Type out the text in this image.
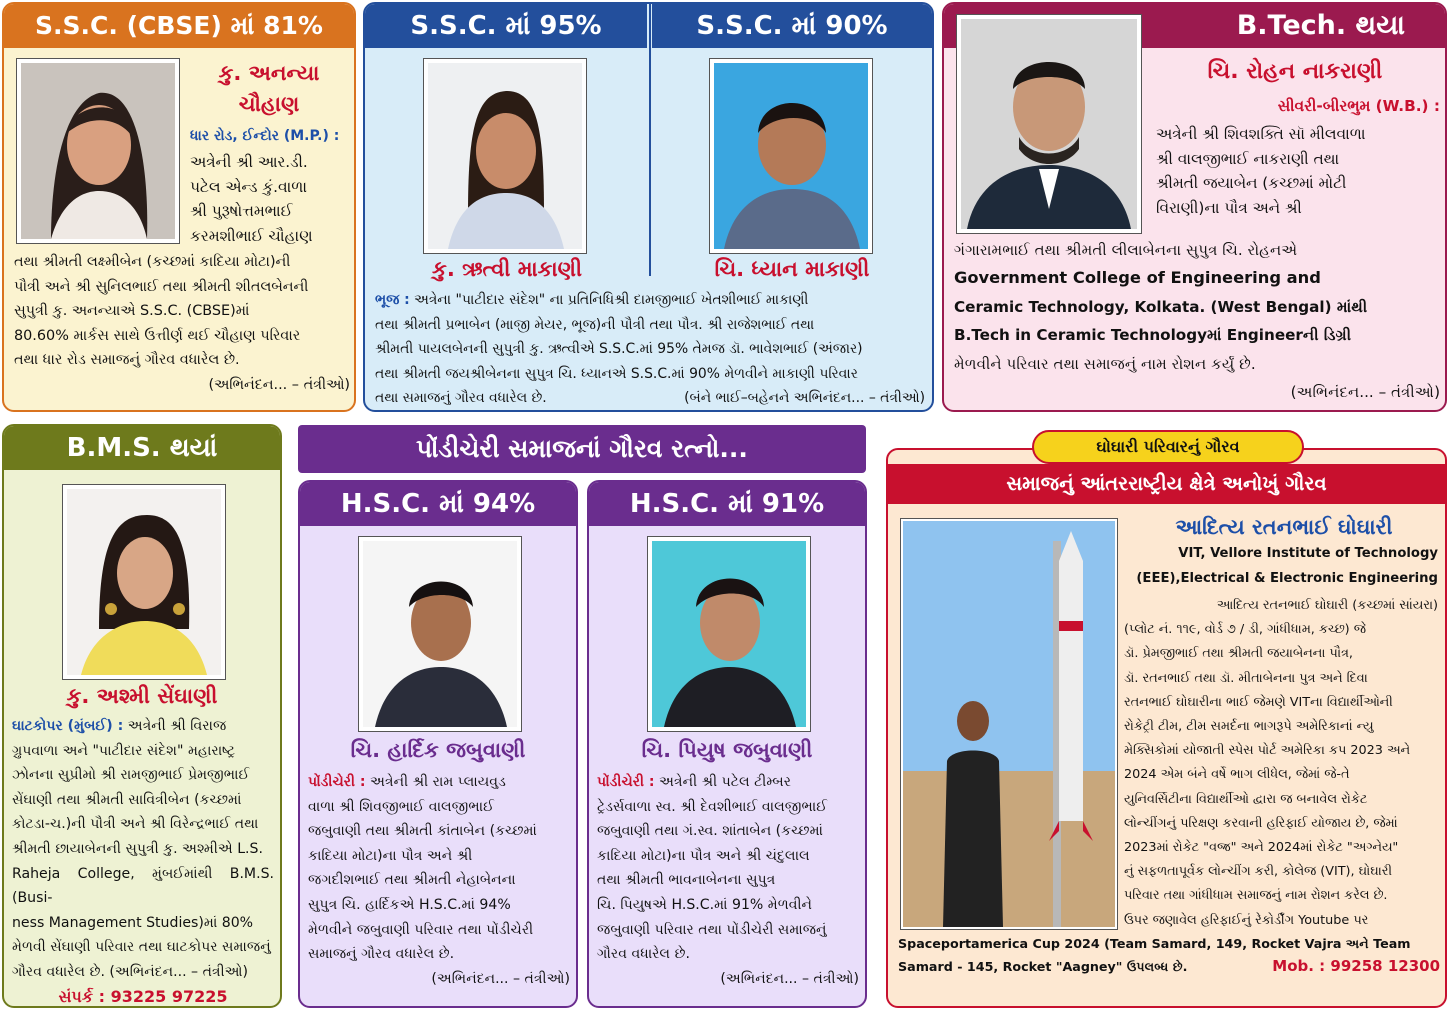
S.S.C. (CBSE) માં 81%
કુ. અનન્યા
ચૌહાણ
ધાર રોડ, ઈન્દોર (M.P.) :

અત્રેની શ્રી આર.ડી.

પટેલ એન્ડ કું.વાળા

શ્રી પુરૂષોત્તમભાઈ

કરમશીભાઈ ચૌહાણ

તથા શ્રીમતી લક્ષ્મીબેન (કચ્છમાં કાદિયા મોટા)ની

પૌત્રી અને શ્રી સુનિલભાઈ તથા શ્રીમતી શીતલબેનની

સુપુત્રી કુ. અનન્યાએ S.S.C. (CBSE)માં

80.60% માર્કસ સાથે ઉત્તીર્ણ થઈ ચૌહાણ પરિવાર

તથા ધાર રોડ સમાજનું ગૌરવ વધારેલ છે.

(અભિનંદન... – તંત્રીઓ)

S.S.C. માં 95%	S.S.C. માં 90%
કુ. ઋત્વી માકાણી	ચિ. ધ્યાન માકાણી

ભૂજ : અત્રેના "પાટીદાર સંદેશ" ના પ્રતિનિધિશ્રી દામજીભાઈ ખેતશીભાઈ માકાણી

તથા શ્રીમતી પ્રભાબેન (માજી મેયર, ભૂજ)ની પૌત્રી તથા પૌત્ર. શ્રી રાજેશભાઈ તથા

શ્રીમતી પાયલબેનની સુપુત્રી કુ. ઋત્વીએ S.S.C.માં 95% તેમજ ડૉ. ભાવેશભાઈ (અંજાર)

તથા શ્રીમતી જયશ્રીબેનના સુપુત્ર ચિ. ધ્યાનએ S.S.C.માં 90% મેળવીને માકાણી પરિવાર

તથા સમાજનું ગૌરવ વધારેલ છે.	(બંને ભાઈ–બહેનને અભિનંદન... – તંત્રીઓ)

B.Tech. થયા
ચિ. રોહન નાકરાણી
સીવરી-બીરભુમ (W.B.) :

અત્રેની શ્રી શિવશક્તિ સૉ મીલવાળા

શ્રી વાલજીભાઈ નાકરાણી તથા

શ્રીમતી જયાબેન (કચ્છમાં મોટી

વિરાણી)ના પૌત્ર અને શ્રી

ગંગારામભાઈ તથા શ્રીમતી લીલાબેનના સુપુત્ર ચિ. રોહનએ

Government College of Engineering and

Ceramic Technology, Kolkata. (West Bengal) માંથી

B.Tech in Ceramic Technologyમાં Engineerની ડિગ્રી

મેળવીને પરિવાર તથા સમાજનું નામ રોશન કર્યું છે.

(અભિનંદન... – તંત્રીઓ)

B.M.S. થયાં
કુ. અશ્મી સેંઘાણી

ઘાટકોપર (મુંબઈ) : અત્રેની શ્રી વિરાજ

ગ્રુપવાળા અને "પાટીદાર સંદેશ" મહારાષ્ટ્ર

ઝોનના સુપ્રીમો શ્રી રામજીભાઈ પ્રેમજીભાઈ

સેંઘાણી તથા શ્રીમતી સાવિત્રીબેન (કચ્છમાં

કોટડા-ચ.)ની પૌત્રી અને શ્રી વિરેન્દ્રભાઈ તથા

શ્રીમતી છાયાબેનની સુપુત્રી કુ. અશ્મીએ L.S.

Raheja College, મુંબઈમાંથી B.M.S. (Busi-

ness Management Studies)માં 80%

મેળવી સેંઘાણી પરિવાર તથા ઘાટકોપર સમાજનું

ગૌરવ વધારેલ છે. (અભિનંદન... – તંત્રીઓ)

સંપર્ક : 93225 97225

પોંડીચેરી સમાજનાં ગૌરવ રત્નો...
H.S.C. માં 94%
ચિ. હાર્દિક જબુવાણી

પોંડીચેરી : અત્રેની શ્રી રામ પ્લાયવુડ

વાળા શ્રી શિવજીભાઈ વાલજીભાઈ

જબુવાણી તથા શ્રીમતી કાંતાબેન (કચ્છમાં

કાદિયા મોટા)ના પૌત્ર અને શ્રી

જગદીશભાઈ તથા શ્રીમતી નેહાબેનના

સુપુત્ર ચિ. હાર્દિકએ H.S.C.માં 94%

મેળવીને જબુવાણી પરિવાર તથા પોંડીચેરી

સમાજનું ગૌરવ વધારેલ છે.

(અભિનંદન... – તંત્રીઓ)

H.S.C. માં 91%
ચિ. પિયુષ જબુવાણી

પોંડીચેરી : અત્રેની શ્રી પટેલ ટીમ્બર

ટ્રેડર્સવાળા સ્વ. શ્રી દેવશીભાઈ વાલજીભાઈ

જબુવાણી તથા ગં.સ્વ. શાંતાબેન (કચ્છમાં

કાદિયા મોટા)ના પૌત્ર અને શ્રી ચંદુલાલ

તથા શ્રીમતી ભાવનાબેનના સુપુત્ર

ચિ. પિયુષએ H.S.C.માં 91% મેળવીને

જબુવાણી પરિવાર તથા પોંડીચેરી સમાજનું

ગૌરવ વધારેલ છે.

(અભિનંદન... – તંત્રીઓ)

સમાજનું આંતરરાષ્ટ્રીય ક્ષેત્રે અનોખું ગૌરવ
આદિત્ય રતનભાઈ ઘોઘારી

VIT, Vellore Institute of Technology

(EEE),Electrical & Electronic Engineering

આદિત્ય રતનભાઈ ઘોઘારી (કચ્છમાં સાંયરા)

(પ્લોટ નં. ૧૧૯, વોર્ડ ૭ / ડી, ગાંધીધામ, કચ્છ) જે

ડૉ. પ્રેમજીભાઈ તથા શ્રીમતી જયાબેનના પૌત્ર,

ડૉ. રતનભાઈ તથા ડૉ. મીતાબેનના પુત્ર અને દિવા

રતનભાઈ ઘોઘારીના ભાઈ જેમણે VITના વિદ્યાર્થીઓની

રોકેટ્રી ટીમ, ટીમ સમર્દના ભાગરૂપે અમેરિકાનાં ન્યુ

મેક્સિકોમાં યોજાતી સ્પેસ પોર્ટ અમેરિકા કપ 2023 અને

2024 એમ બંને વર્ષે ભાગ લીધેલ, જેમાં જે-તે

યુનિવર્સિટીના વિદ્યાર્થીઓ દ્વારા જ બનાવેલ રોકેટ

લોન્ચીંગનું પરિક્ષણ કરવાની હરિફાઈ યોજાય છે, જેમાં

2023માં રોકેટ "વજ્ર" અને 2024માં રોકેટ "અગ્નેય"

નું સફળતાપૂર્વક લોન્ચીંગ કરી, કોલેજ (VIT), ઘોઘારી

પરિવાર તથા ગાંધીધામ સમાજનું નામ રોશન કરેલ છે.

ઉપર જણાવેલ હરિફાઈનું રેકોર્ડીંગ Youtube પર

Spaceportamerica Cup 2024 (Team Samard, 149, Rocket Vajra અને Team

Samard - 145, Rocket "Aagney" ઉપલબ્ધ છે.	Mob. : 99258 12300

ઘોઘારી પરિવારનું ગૌરવ
